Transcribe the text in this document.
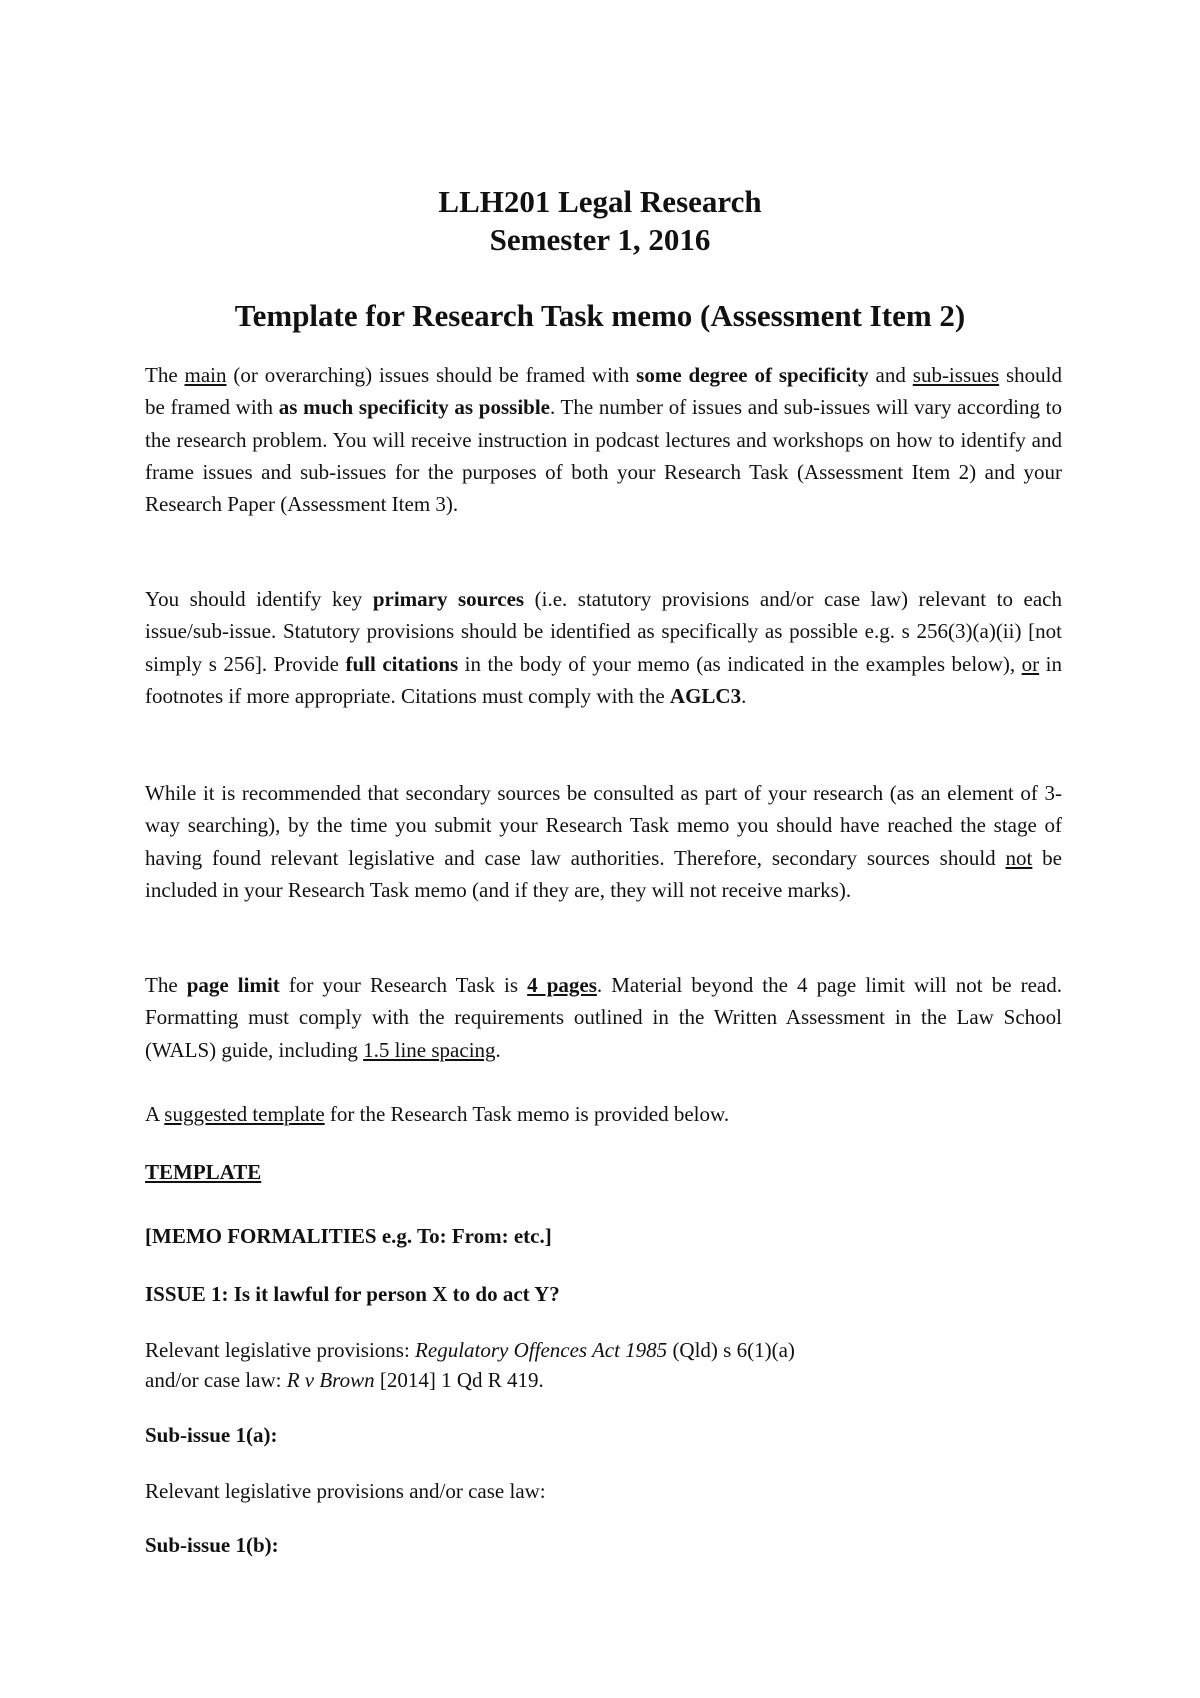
LLH201 Legal Research
Semester 1, 2016
Template for Research Task memo (Assessment Item 2)

The main (or overarching) issues should be framed with some degree of specificity and sub-issues should be framed with as much specificity as possible. The number of issues and sub-issues will vary according to the research problem. You will receive instruction in podcast lectures and workshops on how to identify and frame issues and sub-issues for the purposes of both your Research Task (Assessment Item 2) and your Research Paper (Assessment Item 3).

You should identify key primary sources (i.e. statutory provisions and/or case law) relevant to each issue/sub-issue. Statutory provisions should be identified as specifically as possible e.g. s 256(3)(a)(ii) [not simply s 256]. Provide full citations in the body of your memo (as indicated in the examples below), or in footnotes if more appropriate. Citations must comply with the AGLC3.

While it is recommended that secondary sources be consulted as part of your research (as an element of 3-way searching), by the time you submit your Research Task memo you should have reached the stage of having found relevant legislative and case law authorities. Therefore, secondary sources should not be included in your Research Task memo (and if they are, they will not receive marks).

The page limit for your Research Task is 4 pages. Material beyond the 4 page limit will not be read. Formatting must comply with the requirements outlined in the Written Assessment in the Law School (WALS) guide, including 1.5 line spacing.

A suggested template for the Research Task memo is provided below.

TEMPLATE

[MEMO FORMALITIES e.g. To: From: etc.]

ISSUE 1: Is it lawful for person X to do act Y?

Relevant legislative provisions: Regulatory Offences Act 1985 (Qld) s 6(1)(a)

and/or case law: R v Brown [2014] 1 Qd R 419.

Sub-issue 1(a):

Relevant legislative provisions and/or case law:

Sub-issue 1(b):
